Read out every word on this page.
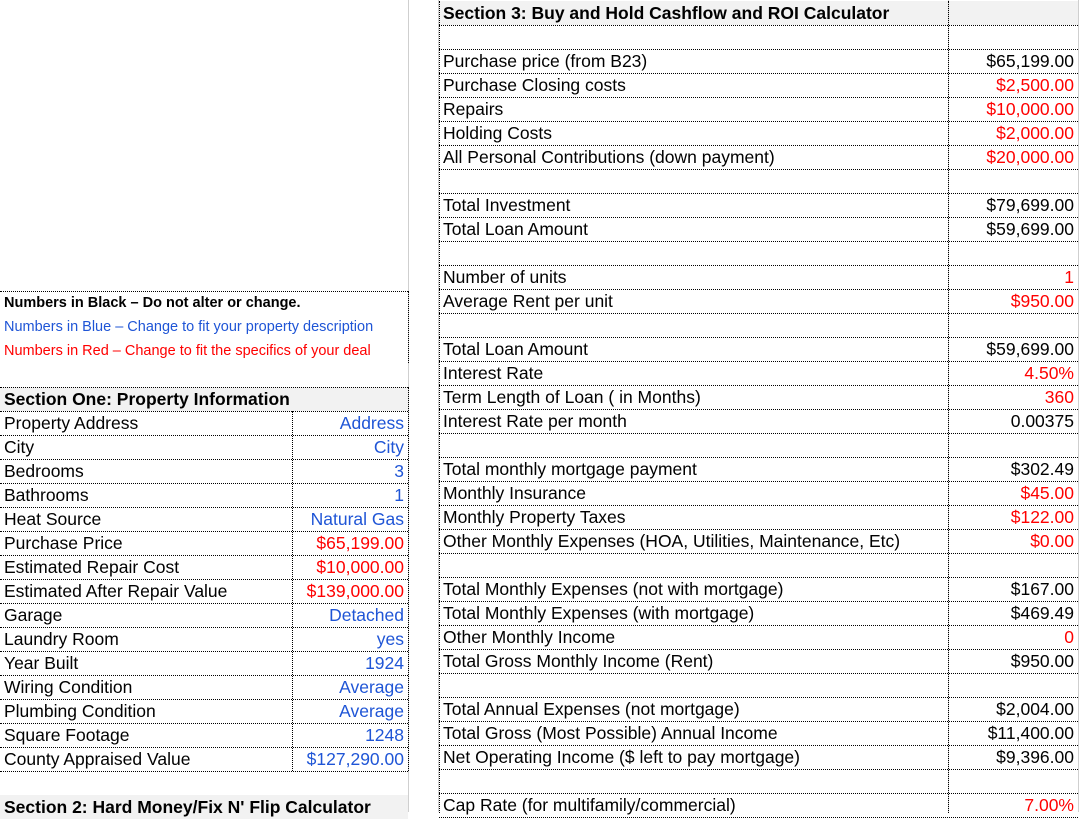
Numbers in Black – Do not alter or change.
Numbers in Blue – Change to fit your property description
Numbers in Red – Change to fit the specifics of your deal
Section One: Property Information
Property Address	Address
City	City
Bedrooms	3
Bathrooms	1
Heat Source	Natural Gas
Purchase Price	$65,199.00
Estimated Repair Cost	$10,000.00
Estimated After Repair Value	$139,000.00
Garage	Detached
Laundry Room	yes
Year Built	1924
Wiring Condition	Average
Plumbing Condition	Average
Square Footage	1248
County Appraised Value	$127,290.00
Section 2: Hard Money/Fix N' Flip Calculator
Section 3: Buy and Hold Cashflow and ROI Calculator
Purchase price (from B23)	$65,199.00
Purchase Closing costs	$2,500.00
Repairs	$10,000.00
Holding Costs	$2,000.00
All Personal Contributions (down payment)	$20,000.00
Total Investment	$79,699.00
Total Loan Amount	$59,699.00
Number of units	1
Average Rent per unit	$950.00
Total Loan Amount	$59,699.00
Interest Rate	4.50%
Term Length of Loan ( in Months)	360
Interest Rate per month	0.00375
Total monthly mortgage payment	$302.49
Monthly Insurance	$45.00
Monthly Property Taxes	$122.00
Other Monthly Expenses (HOA, Utilities, Maintenance, Etc)	$0.00
Total Monthly Expenses (not with mortgage)	$167.00
Total Monthly Expenses (with mortgage)	$469.49
Other Monthly Income	0
Total Gross Monthly Income (Rent)	$950.00
Total Annual Expenses (not mortgage)	$2,004.00
Total Gross (Most Possible) Annual Income	$11,400.00
Net Operating Income ($ left to pay mortgage)	$9,396.00
Cap Rate (for multifamily/commercial)	7.00%
